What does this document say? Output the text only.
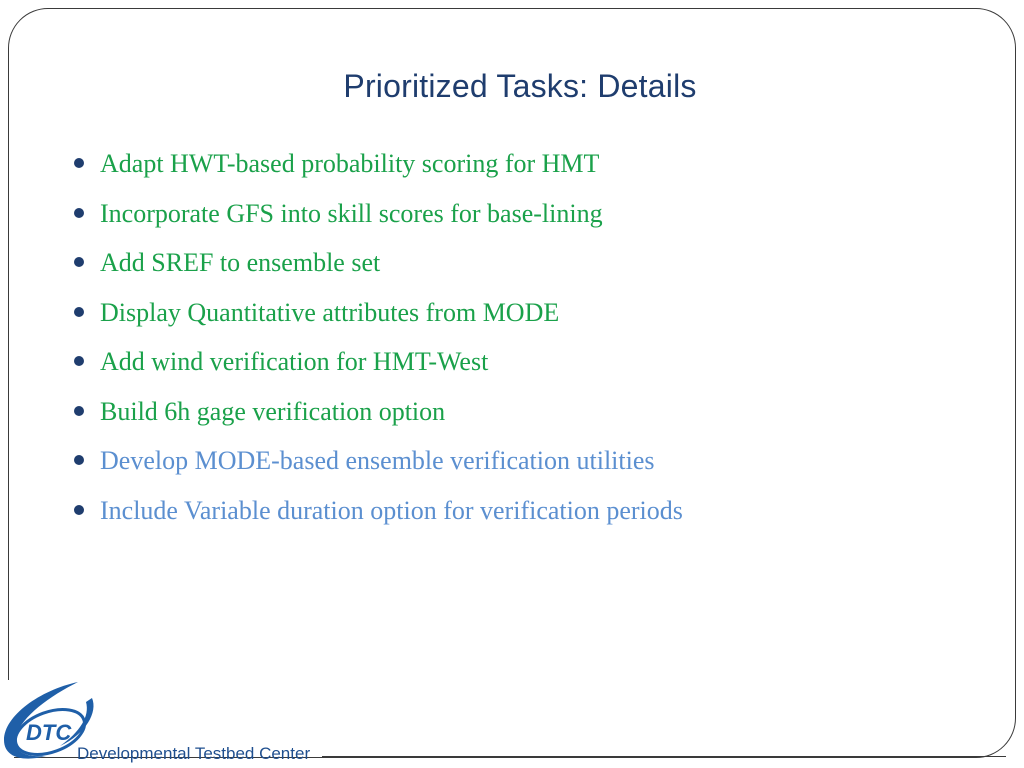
Prioritized Tasks: Details
Adapt HWT-based probability scoring for HMT
Incorporate GFS into skill scores for base-lining
Add SREF to ensemble set
Display Quantitative attributes from MODE
Add wind verification for HMT-West
Build 6h gage verification option
Develop MODE-based ensemble verification utilities
Include Variable duration option for verification periods
DTC
Developmental Testbed Center
